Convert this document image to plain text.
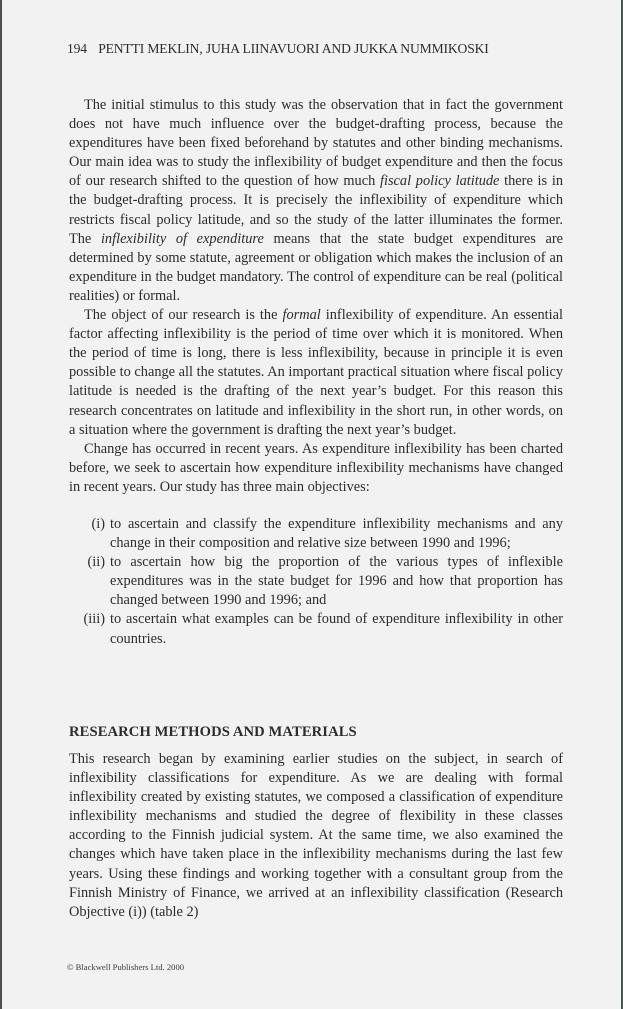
194 PENTTI MEKLIN, JUHA LIINAVUORI AND JUKKA NUMMIKOSKI

The initial stimulus to this study was the observation that in fact the government does not have much influence over the budget-drafting process, because the expenditures have been fixed beforehand by statutes and other binding mechanisms. Our main idea was to study the inflexibility of budget expenditure and then the focus of our research shifted to the question of how much fiscal policy latitude there is in the budget-drafting process. It is precisely the inflexibility of expenditure which restricts fiscal policy latitude, and so the study of the latter illuminates the former. The inflexibility of expenditure means that the state budget expenditures are determined by some statute, agreement or obligation which makes the inclusion of an expenditure in the budget mandatory. The control of expenditure can be real (political realities) or formal.

The object of our research is the formal inflexibility of expenditure. An essential factor affecting inflexibility is the period of time over which it is monitored. When the period of time is long, there is less inflexibility, because in principle it is even possible to change all the statutes. An important practical situation where fiscal policy latitude is needed is the drafting of the next year’s budget. For this reason this research concentrates on latitude and inflexibility in the short run, in other words, on a situation where the government is drafting the next year’s budget.

Change has occurred in recent years. As expenditure inflexibility has been charted before, we seek to ascertain how expenditure inflexibility mechanisms have changed in recent years. Our study has three main objectives:

(i) to ascertain and classify the expenditure inflexibility mechanisms and any change in their composition and relative size between 1990 and 1996;
(ii) to ascertain how big the proportion of the various types of inflexible expenditures was in the state budget for 1996 and how that proportion has changed between 1990 and 1996; and
(iii) to ascertain what examples can be found of expenditure inflexibility in other countries.
RESEARCH METHODS AND MATERIALS

This research began by examining earlier studies on the subject, in search of inflexibility classifications for expenditure. As we are dealing with formal inflexibility created by existing statutes, we composed a classification of expenditure inflexibility mechanisms and studied the degree of flexibility in these classes according to the Finnish judicial system. At the same time, we also examined the changes which have taken place in the inflexibility mechanisms during the last few years. Using these findings and working together with a consultant group from the Finnish Ministry of Finance, we arrived at an inflexibility classification (Research Objective (i)) (table 2)

© Blackwell Publishers Ltd. 2000
